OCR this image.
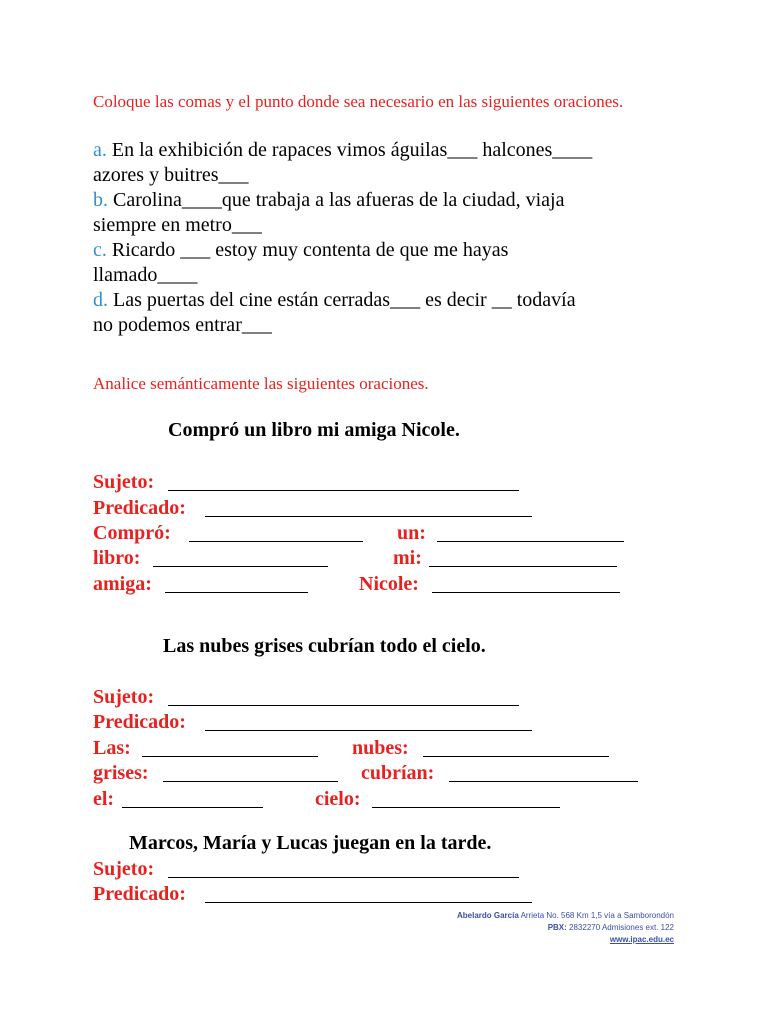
Coloque las comas y el punto donde sea necesario en las siguientes oraciones.
a. En la exhibición de rapaces vimos águilas___ halcones____
azores y buitres___
b. Carolina____que trabaja a las afueras de la ciudad, viaja
siempre en metro___
c. Ricardo ___ estoy muy contenta de que me hayas
llamado____
d. Las puertas del cine están cerradas___ es decir __ todavía
no podemos entrar___
Analice semánticamente las siguientes oraciones.
Compró un libro mi amiga Nicole.
Sujeto:
Predicado:
Compró:	un:
libro:	mi:
amiga:	Nicole:
Las nubes grises cubrían todo el cielo.
Sujeto:
Predicado:
Las:	nubes:
grises:	cubrían:
el:	cielo:
Marcos, María y Lucas juegan en la tarde.
Sujeto:
Predicado:
Abelardo García Arrieta No. 568 Km 1,5 vía a Samborondón
PBX: 2832270 Admisiones ext. 122
www.ipac.edu.ec
